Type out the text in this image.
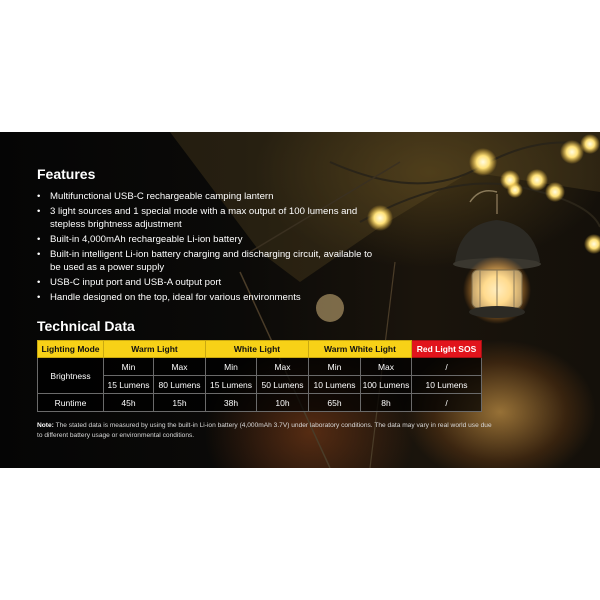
Features
• Multifunctional USB-C rechargeable camping lantern
• 3 light sources and 1 special mode with a max output of 100 lumens and stepless brightness adjustment
• Built-in 4,000mAh rechargeable Li-ion battery
• Built-in intelligent Li-ion battery charging and discharging circuit, available to be used as a power supply
• USB-C input port and USB-A output port
• Handle designed on the top, ideal for various environments
Technical Data
Lighting Mode	Warm Light		White Light		Warm White Light		Red Light SOS
Brightness	Min	Max	Min	Max	Min	Max	/
	15 Lumens	80 Lumens	15 Lumens	50 Lumens	10 Lumens	100 Lumens	10 Lumens
Runtime	45h	15h	38h	10h	65h	8h	/

Note: The stated data is measured by using the built-in Li-ion battery (4,000mAh 3.7V) under laboratory conditions. The data may vary in real world use due to different battery usage or environmental conditions.
